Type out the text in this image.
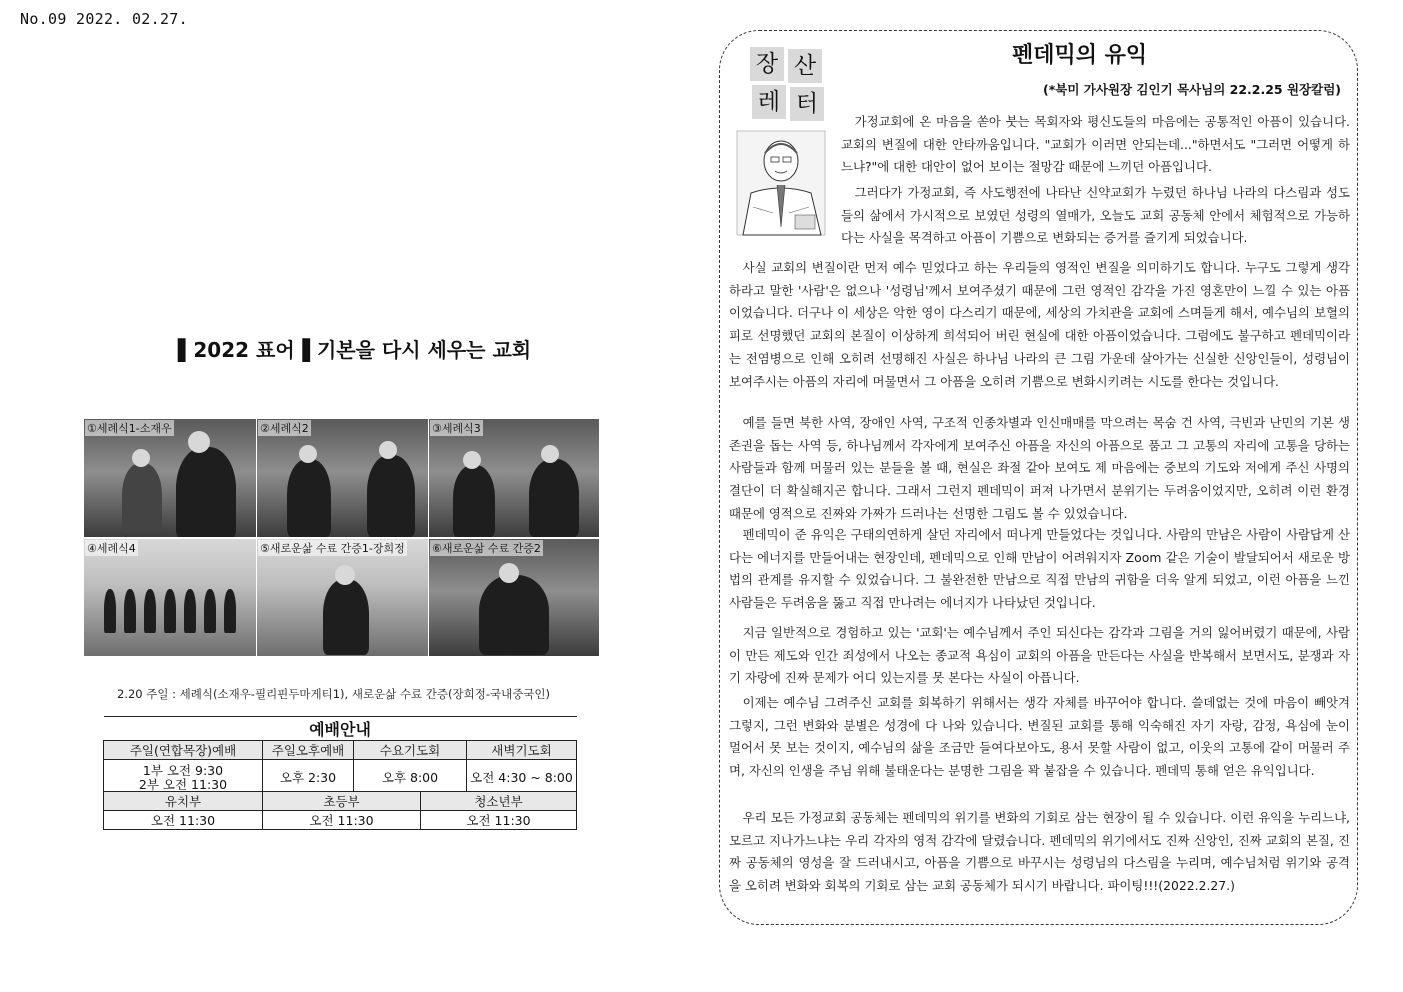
No.09 2022. 02.27.
▌2022 표어▐ 기본을 다시 세우는 교회
①세례식1-소재우	②세례식2	③세례식3
④세례식4	⑤새로운삶 수료 간증1-장희정 ⑥새로운삶 수료 간증2
2.20 주일 : 세례식(소재우-필리핀두마게티1), 새로운삶 수료 간증(장희정-국내중국인)
예배안내			
주일(연합목장)예배	주일오후예배	수요기도회	새벽기도회

1부 오전 9:30
2부 오전 11:30	오후 2:30	오후 8:00	오전 4:30 ~ 8:00
유치부	초등부	청소년부
오전 11:30	오전 11:30	오전 11:30
장 산
레 터
펜데믹의 유익
(*북미 가사원장 김인기 목사님의 22.2.25 원장칼럼)

가정교회에 온 마음을 쏟아 붓는 목회자와 평신도들의 마음에는 공통적인 아픔이 있습니다. 교회의 변질에 대한 안타까움입니다. "교회가 이러면 안되는데..."하면서도 "그러면 어떻게 하느냐?"에 대한 대안이 없어 보이는 절망감 때문에 느끼던 아픔입니다.

그러다가 가정교회, 즉 사도행전에 나타난 신약교회가 누렸던 하나님 나라의 다스림과 성도들의 삶에서 가시적으로 보였던 성령의 열매가, 오늘도 교회 공동체 안에서 체험적으로 가능하다는 사실을 목격하고 아픔이 기쁨으로 변화되는 증거를 즐기게 되었습니다.

사실 교회의 변질이란 먼저 예수 믿었다고 하는 우리들의 영적인 변질을 의미하기도 합니다. 누구도 그렇게 생각하라고 말한 '사람'은 없으나 '성령님'께서 보여주셨기 때문에 그런 영적인 감각을 가진 영혼만이 느낄 수 있는 아픔이었습니다. 더구나 이 세상은 악한 영이 다스리기 때문에, 세상의 가치관을 교회에 스며들게 해서, 예수님의 보혈의 피로 선명했던 교회의 본질이 이상하게 희석되어 버린 현실에 대한 아픔이었습니다. 그럼에도 불구하고 펜데믹이라는 전염병으로 인해 오히려 선명해진 사실은 하나님 나라의 큰 그림 가운데 살아가는 신실한 신앙인들이, 성령님이 보여주시는 아픔의 자리에 머물면서 그 아픔을 오히려 기쁨으로 변화시키려는 시도를 한다는 것입니다.

예를 들면 북한 사역, 장애인 사역, 구조적 인종차별과 인신매매를 막으려는 목숨 건 사역, 극빈과 난민의 기본 생존권을 돕는 사역 등, 하나님께서 각자에게 보여주신 아픔을 자신의 아픔으로 품고 그 고통의 자리에 고통을 당하는 사람들과 함께 머물러 있는 분들을 볼 때, 현실은 좌절 같아 보여도 제 마음에는 중보의 기도와 저에게 주신 사명의 결단이 더 확실해지곤 합니다. 그래서 그런지 펜데믹이 퍼져 나가면서 분위기는 두려움이었지만, 오히려 이런 환경 때문에 영적으로 진짜와 가짜가 드러나는 선명한 그림도 볼 수 있었습니다.

펜데믹이 준 유익은 구태의연하게 살던 자리에서 떠나게 만들었다는 것입니다. 사람의 만남은 사람이 사람답게 산다는 에너지를 만들어내는 현장인데, 펜데믹으로 인해 만남이 어려워지자 Zoom 같은 기술이 발달되어서 새로운 방법의 관계를 유지할 수 있었습니다. 그 불완전한 만남으로 직접 만남의 귀함을 더욱 알게 되었고, 이런 아픔을 느낀 사람들은 두려움을 뚫고 직접 만나려는 에너지가 나타났던 것입니다.

지금 일반적으로 경험하고 있는 '교회'는 예수님께서 주인 되신다는 감각과 그림을 거의 잃어버렸기 때문에, 사람이 만든 제도와 인간 죄성에서 나오는 종교적 욕심이 교회의 아픔을 만든다는 사실을 반복해서 보면서도, 분쟁과 자기 자랑에 진짜 문제가 어디 있는지를 못 본다는 사실이 아픕니다.

이제는 예수님 그려주신 교회를 회복하기 위해서는 생각 자체를 바꾸어야 합니다. 쓸데없는 것에 마음이 빼앗겨 그렇지, 그런 변화와 분별은 성경에 다 나와 있습니다. 변질된 교회를 통해 익숙해진 자기 자랑, 감정, 욕심에 눈이 멀어서 못 보는 것이지, 예수님의 삶을 조금만 들여다보아도, 용서 못할 사람이 없고, 이웃의 고통에 같이 머물러 주며, 자신의 인생을 주님 위해 불태운다는 분명한 그림을 꽉 붙잡을 수 있습니다. 펜데믹 통해 얻은 유익입니다.

우리 모든 가정교회 공동체는 펜데믹의 위기를 변화의 기회로 삼는 현장이 될 수 있습니다. 이런 유익을 누리느냐, 모르고 지나가느냐는 우리 각자의 영적 감각에 달렸습니다. 펜데믹의 위기에서도 진짜 신앙인, 진짜 교회의 본질, 진짜 공동체의 영성을 잘 드러내시고, 아픔을 기쁨으로 바꾸시는 성령님의 다스림을 누리며, 예수님처럼 위기와 공격을 오히려 변화와 회복의 기회로 삼는 교회 공동체가 되시기 바랍니다. 파이팅!!!(2022.2.27.)
